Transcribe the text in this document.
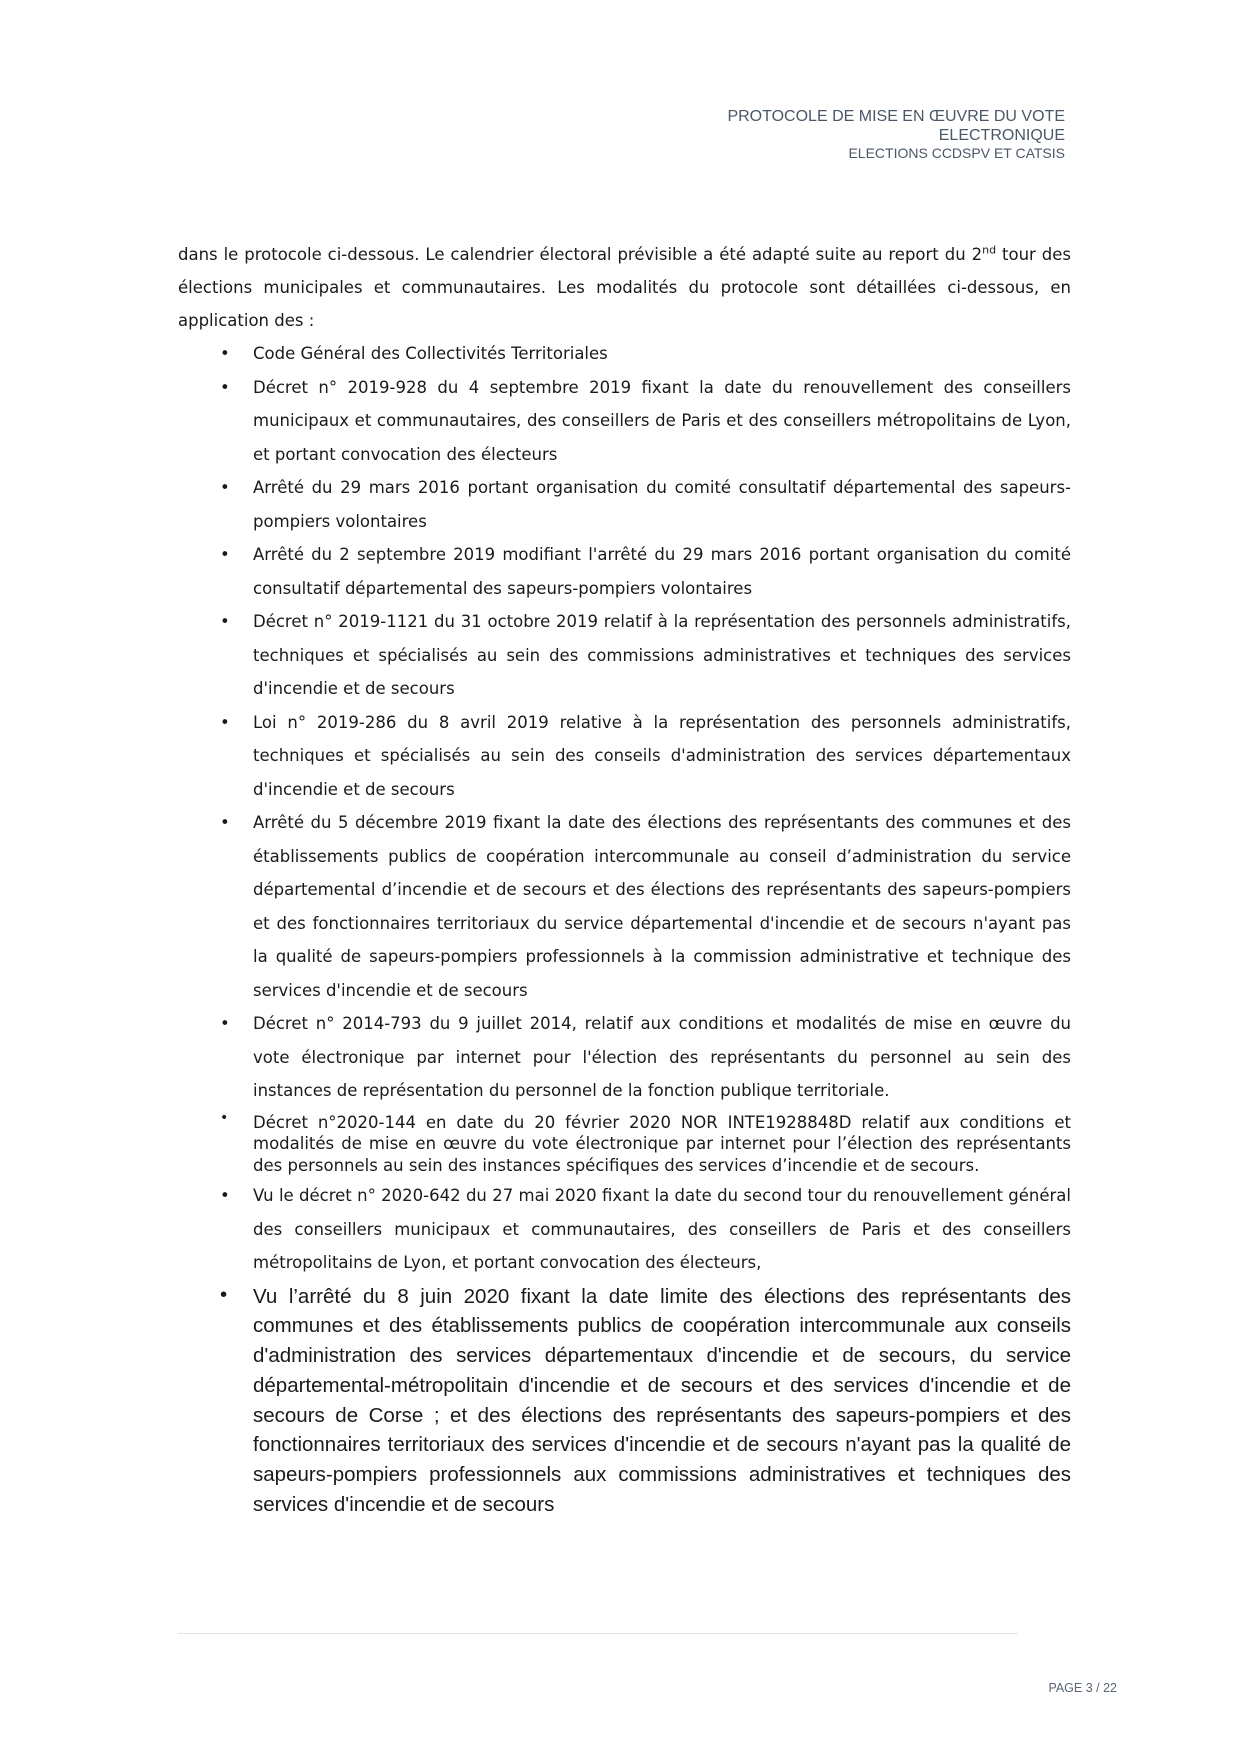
PROTOCOLE DE MISE EN ŒUVRE DU VOTE
ELECTRONIQUE
ELECTIONS CCDSPV ET CATSIS

dans le protocole ci-dessous. Le calendrier électoral prévisible a été adapté suite au report du 2nd tour des élections municipales et communautaires. Les modalités du protocole sont détaillées ci-dessous, en application des :

• Code Général des Collectivités Territoriales
• Décret n° 2019-928 du 4 septembre 2019 fixant la date du renouvellement des conseillers municipaux et communautaires, des conseillers de Paris et des conseillers métropolitains de Lyon, et portant convocation des électeurs
• Arrêté du 29 mars 2016 portant organisation du comité consultatif départemental des sapeurs-pompiers volontaires
• Arrêté du 2 septembre 2019 modifiant l'arrêté du 29 mars 2016 portant organisation du comité consultatif départemental des sapeurs-pompiers volontaires
• Décret n° 2019-1121 du 31 octobre 2019 relatif à la représentation des personnels administratifs, techniques et spécialisés au sein des commissions administratives et techniques des services d'incendie et de secours
• Loi n° 2019-286 du 8 avril 2019 relative à la représentation des personnels administratifs, techniques et spécialisés au sein des conseils d'administration des services départementaux d'incendie et de secours
• Arrêté du 5 décembre 2019 fixant la date des élections des représentants des communes et des établissements publics de coopération intercommunale au conseil d’administration du service départemental d’incendie et de secours et des élections des représentants des sapeurs-pompiers et des fonctionnaires territoriaux du service départemental d'incendie et de secours n'ayant pas la qualité de sapeurs-pompiers professionnels à la commission administrative et technique des services d'incendie et de secours
• Décret n° 2014-793 du 9 juillet 2014, relatif aux conditions et modalités de mise en œuvre du vote électronique par internet pour l'élection des représentants du personnel au sein des instances de représentation du personnel de la fonction publique territoriale.
• Décret n°2020-144 en date du 20 février 2020 NOR INTE1928848D relatif aux conditions et modalités de mise en œuvre du vote électronique par internet pour l’élection des représentants des personnels au sein des instances spécifiques des services d’incendie et de secours.
• Vu le décret n° 2020-642 du 27 mai 2020 fixant la date du second tour du renouvellement général des conseillers municipaux et communautaires, des conseillers de Paris et des conseillers métropolitains de Lyon, et portant convocation des électeurs,
• Vu l’arrêté du 8 juin 2020 fixant la date limite des élections des représentants des communes et des établissements publics de coopération intercommunale aux conseils d'administration des services départementaux d'incendie et de secours, du service départemental-métropolitain d'incendie et de secours et des services d'incendie et de secours de Corse ; et des élections des représentants des sapeurs-pompiers et des fonctionnaires territoriaux des services d'incendie et de secours n'ayant pas la qualité de sapeurs-pompiers professionnels aux commissions administratives et techniques des services d'incendie et de secours
PAGE 3 / 22
